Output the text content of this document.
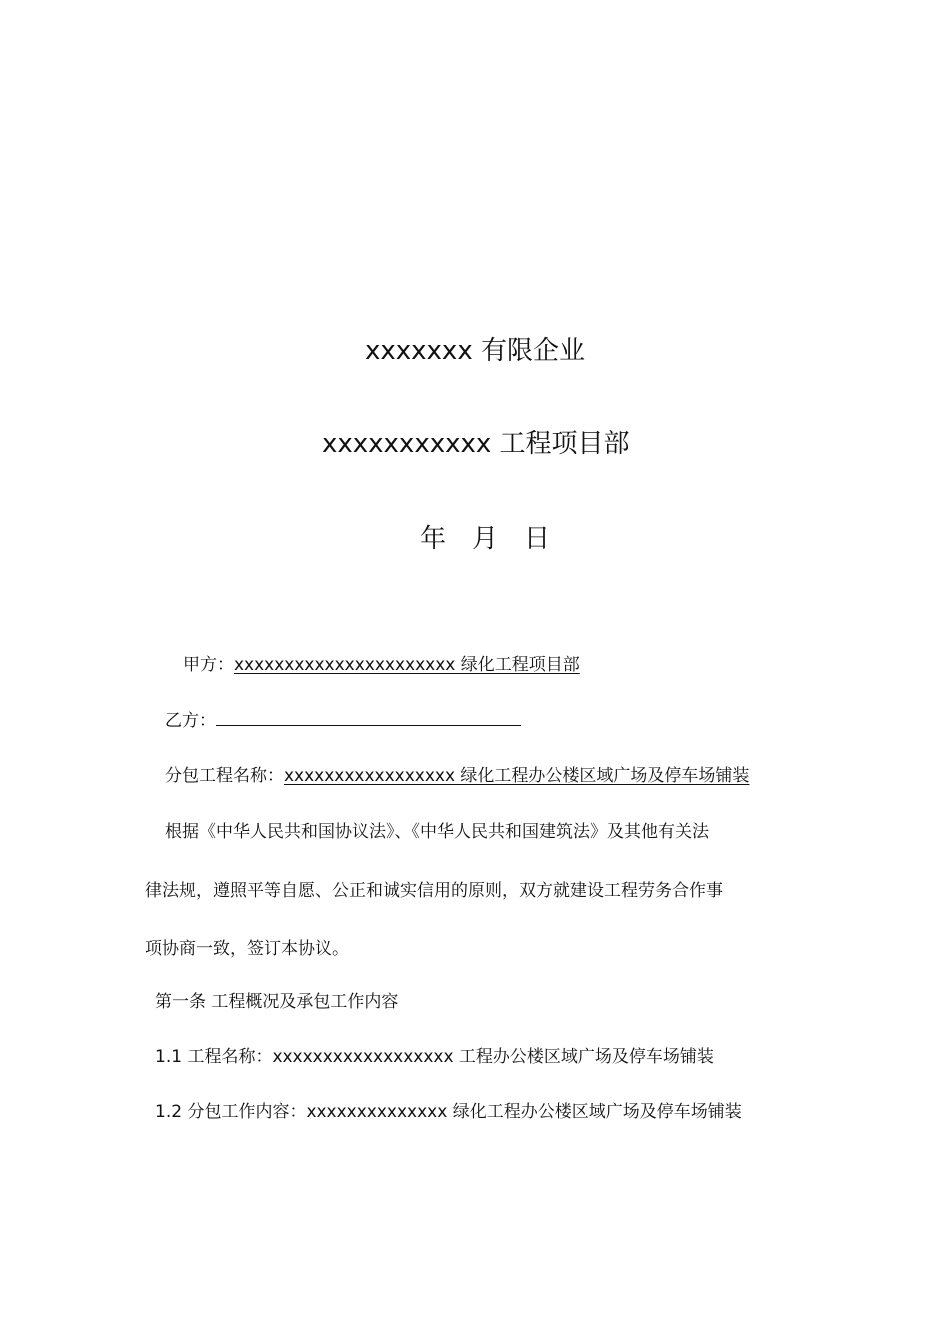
xxxxxxx 有限企业
xxxxxxxxxxx 工程项目部
年 月 日
甲方：xxxxxxxxxxxxxxxxxxxxxx 绿化工程项目部
乙方：
分包工程名称：xxxxxxxxxxxxxxxxx 绿化工程办公楼区域广场及停车场铺装
根据《中华人民共和国协议法》、《中华人民共和国建筑法》及其他有关法
律法规，遵照平等自愿、公正和诚实信用的原则，双方就建设工程劳务合作事
项协商一致，签订本协议。
第一条 工程概况及承包工作内容
1.1 工程名称：xxxxxxxxxxxxxxxxxx 工程办公楼区域广场及停车场铺装
1.2 分包工作内容：xxxxxxxxxxxxxx 绿化工程办公楼区域广场及停车场铺装
